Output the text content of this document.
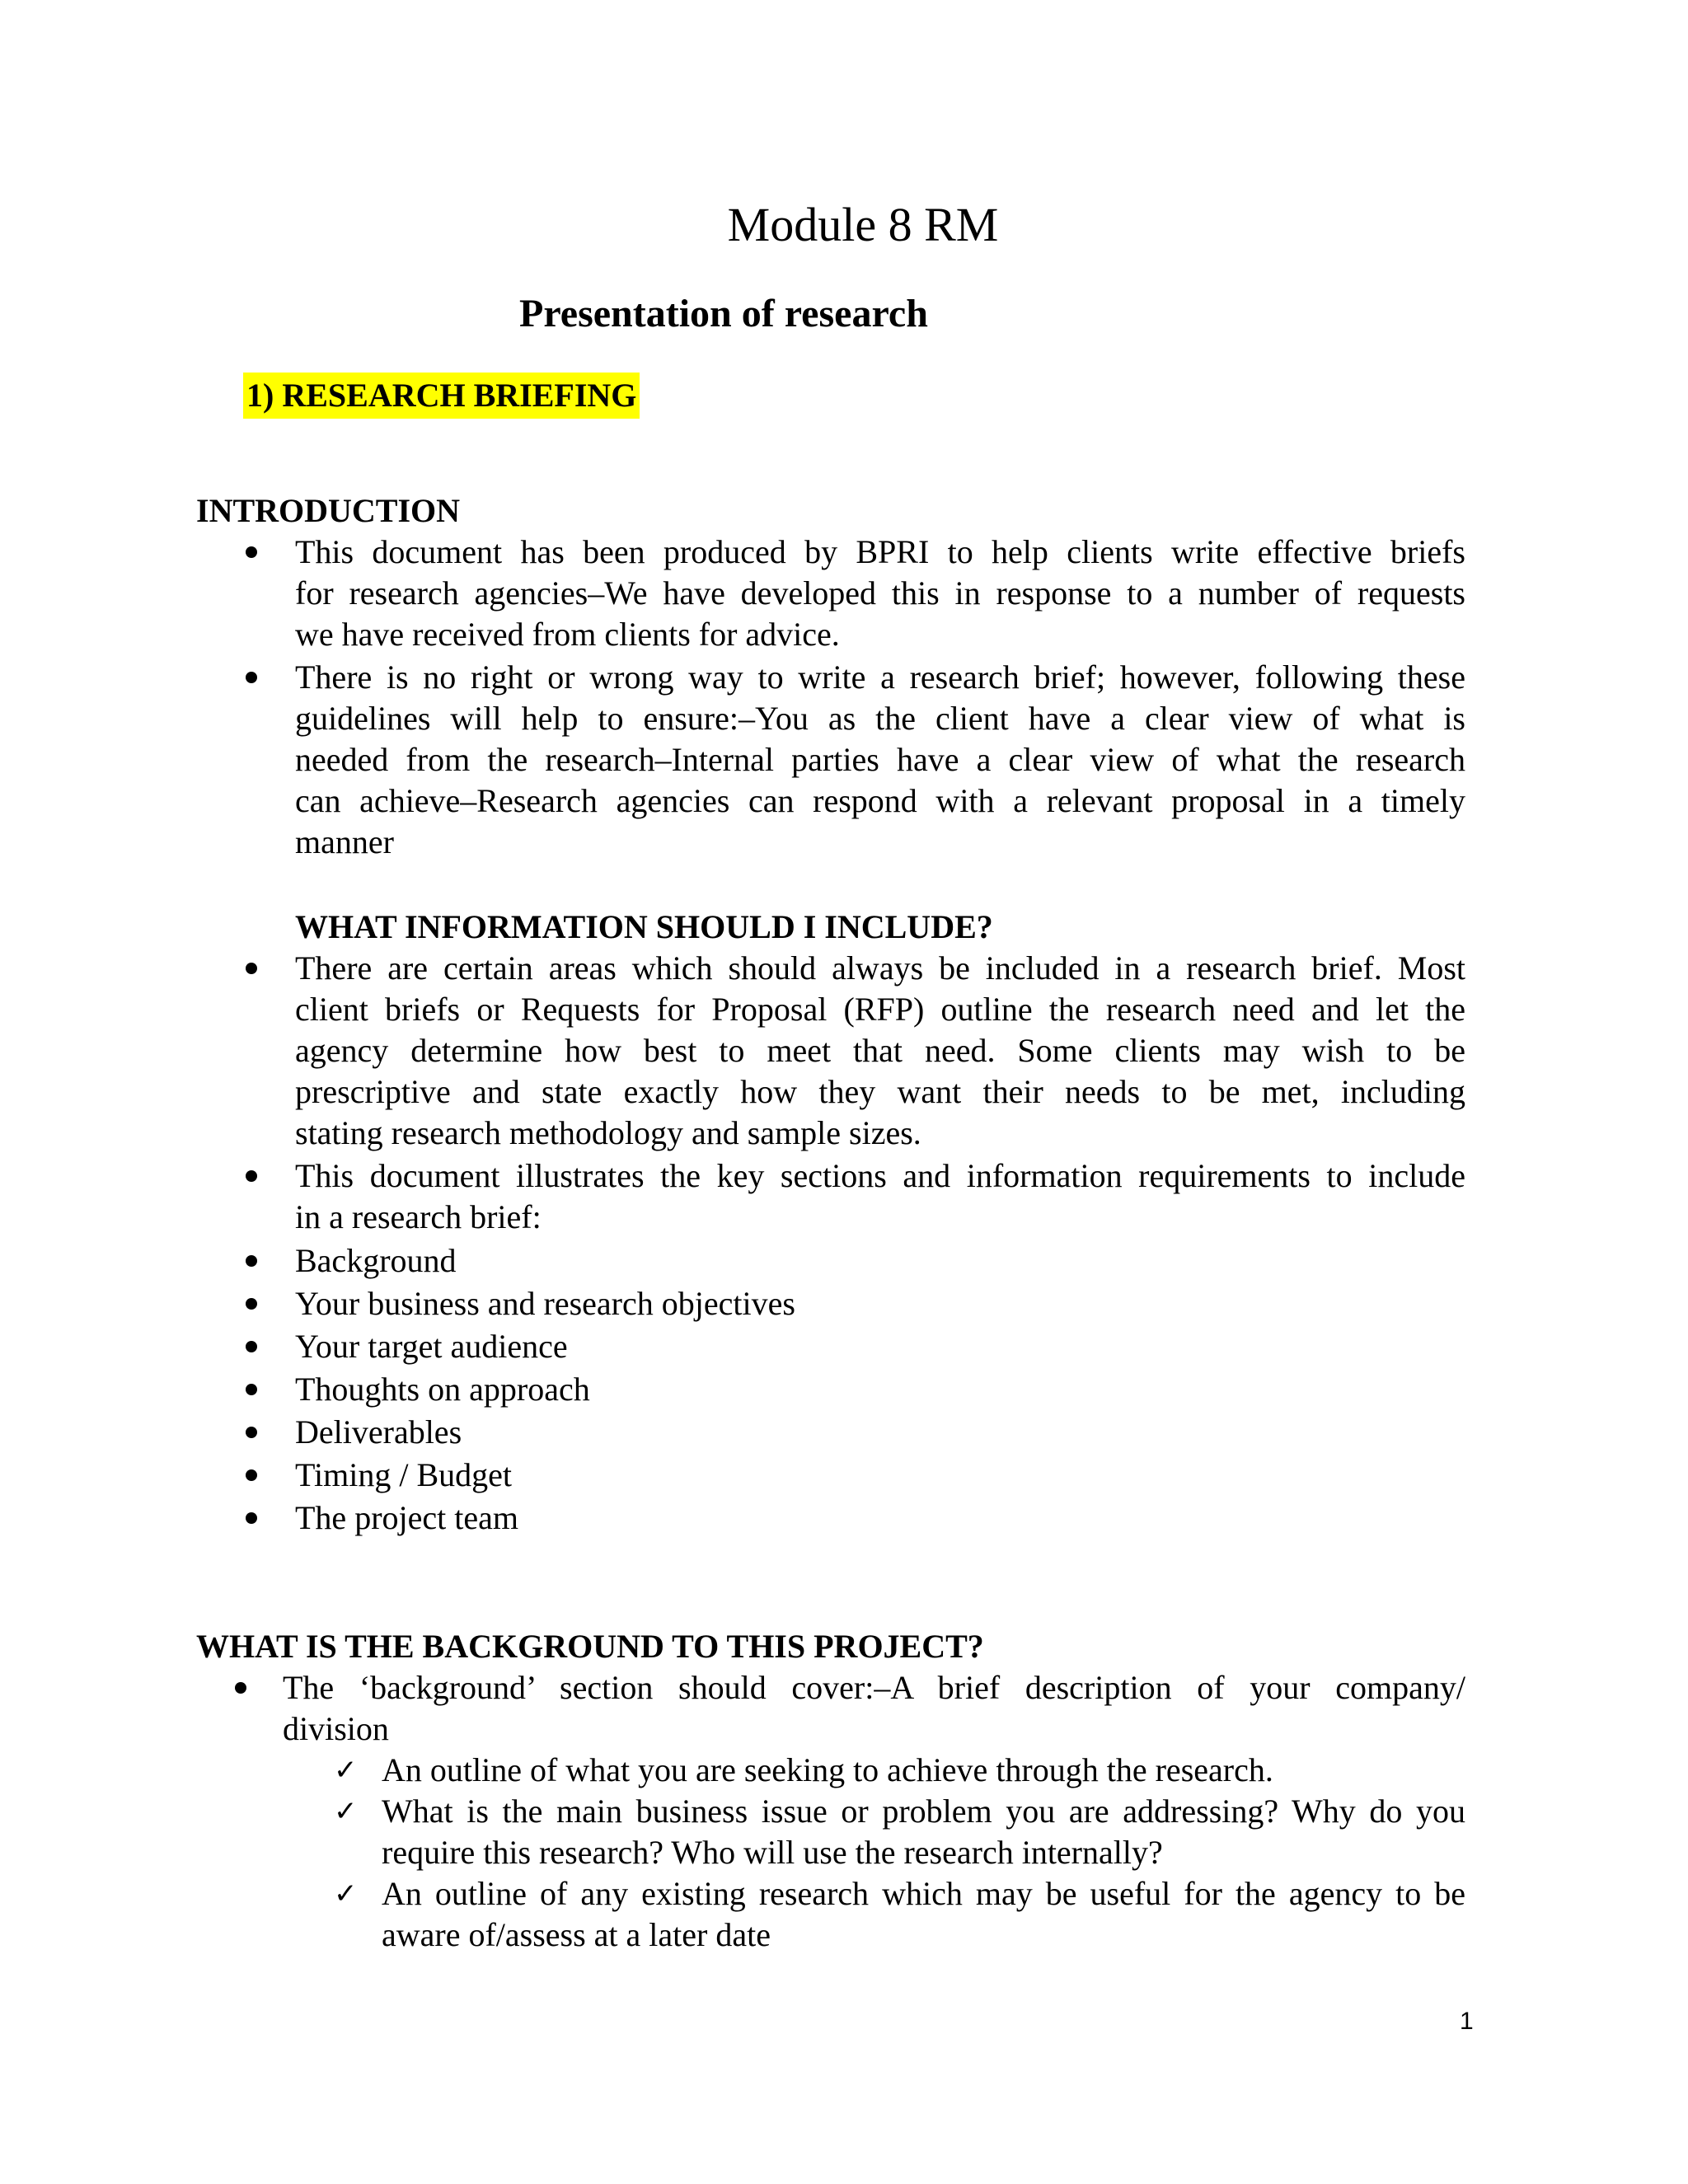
Module 8 RM
Presentation of research
1) RESEARCH BRIEFING
INTRODUCTION
This document has been produced by BPRI to help clients write effective briefs
for research agencies–We have developed this in response to a number of requests
we have received from clients for advice.
There is no right or wrong way to write a research brief; however, following these
guidelines will help to ensure:–You as the client have a clear view of what is
needed from the research–Internal parties have a clear view of what the research
can achieve–Research agencies can respond with a relevant proposal in a timely
manner
WHAT INFORMATION SHOULD I INCLUDE?
There are certain areas which should always be included in a research brief. Most
client briefs or Requests for Proposal (RFP) outline the research need and let the
agency determine how best to meet that need. Some clients may wish to be
prescriptive and state exactly how they want their needs to be met, including
stating research methodology and sample sizes.
This document illustrates the key sections and information requirements to include
in a research brief:
Background
Your business and research objectives
Your target audience
Thoughts on approach
Deliverables
Timing / Budget
The project team
WHAT IS THE BACKGROUND TO THIS PROJECT?
The ‘background’ section should cover:–A brief description of your company/
division
✓ An outline of what you are seeking to achieve through the research.
✓ What is the main business issue or problem you are addressing? Why do you
require this research? Who will use the research internally?
✓ An outline of any existing research which may be useful for the agency to be
aware of/assess at a later date
1
